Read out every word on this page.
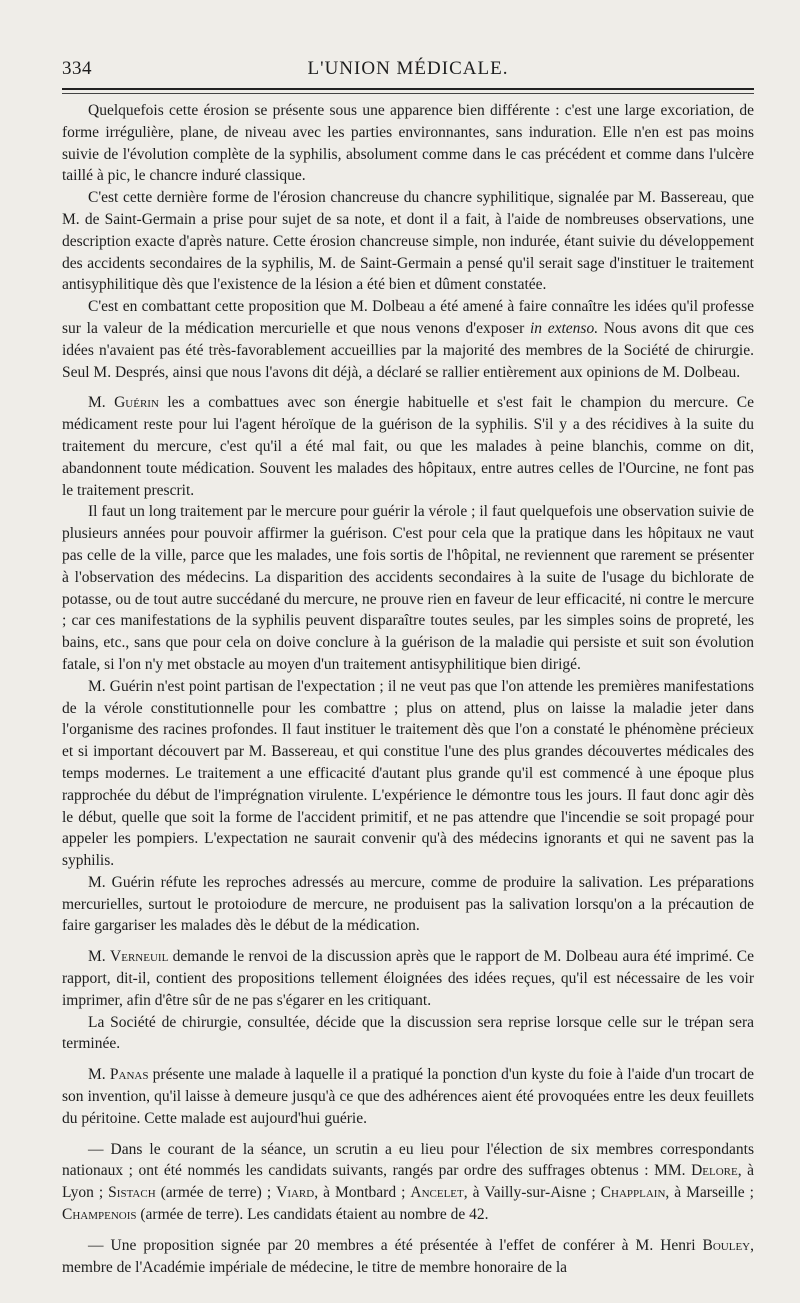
334	L'UNION MÉDICALE.

Quelquefois cette érosion se présente sous une apparence bien différente : c'est une large excoriation, de forme irrégulière, plane, de niveau avec les parties environnantes, sans induration. Elle n'en est pas moins suivie de l'évolution complète de la syphilis, absolument comme dans le cas précédent et comme dans l'ulcère taillé à pic, le chancre induré classique.

C'est cette dernière forme de l'érosion chancreuse du chancre syphilitique, signalée par M. Bassereau, que M. de Saint-Germain a prise pour sujet de sa note, et dont il a fait, à l'aide de nombreuses observations, une description exacte d'après nature. Cette érosion chancreuse simple, non indurée, étant suivie du développement des accidents secondaires de la syphilis, M. de Saint-Germain a pensé qu'il serait sage d'instituer le traitement antisyphilitique dès que l'existence de la lésion a été bien et dûment constatée.

C'est en combattant cette proposition que M. Dolbeau a été amené à faire connaître les idées qu'il professe sur la valeur de la médication mercurielle et que nous venons d'exposer in extenso. Nous avons dit que ces idées n'avaient pas été très-favorablement accueillies par la majorité des membres de la Société de chirurgie. Seul M. Després, ainsi que nous l'avons dit déjà, a déclaré se rallier entièrement aux opinions de M. Dolbeau.

M. Guérin les a combattues avec son énergie habituelle et s'est fait le champion du mercure. Ce médicament reste pour lui l'agent héroïque de la guérison de la syphilis. S'il y a des récidives à la suite du traitement du mercure, c'est qu'il a été mal fait, ou que les malades à peine blanchis, comme on dit, abandonnent toute médication. Souvent les malades des hôpitaux, entre autres celles de l'Ourcine, ne font pas le traitement prescrit.

Il faut un long traitement par le mercure pour guérir la vérole ; il faut quelquefois une observation suivie de plusieurs années pour pouvoir affirmer la guérison. C'est pour cela que la pratique dans les hôpitaux ne vaut pas celle de la ville, parce que les malades, une fois sortis de l'hôpital, ne reviennent que rarement se présenter à l'observation des médecins. La disparition des accidents secondaires à la suite de l'usage du bichlorate de potasse, ou de tout autre succédané du mercure, ne prouve rien en faveur de leur efficacité, ni contre le mercure ; car ces manifestations de la syphilis peuvent disparaître toutes seules, par les simples soins de propreté, les bains, etc., sans que pour cela on doive conclure à la guérison de la maladie qui persiste et suit son évolution fatale, si l'on n'y met obstacle au moyen d'un traitement antisyphilitique bien dirigé.

M. Guérin n'est point partisan de l'expectation ; il ne veut pas que l'on attende les premières manifestations de la vérole constitutionnelle pour les combattre ; plus on attend, plus on laisse la maladie jeter dans l'organisme des racines profondes. Il faut instituer le traitement dès que l'on a constaté le phénomène précieux et si important découvert par M. Bassereau, et qui constitue l'une des plus grandes découvertes médicales des temps modernes. Le traitement a une efficacité d'autant plus grande qu'il est commencé à une époque plus rapprochée du début de l'imprégnation virulente. L'expérience le démontre tous les jours. Il faut donc agir dès le début, quelle que soit la forme de l'accident primitif, et ne pas attendre que l'incendie se soit propagé pour appeler les pompiers. L'expectation ne saurait convenir qu'à des médecins ignorants et qui ne savent pas la syphilis.

M. Guérin réfute les reproches adressés au mercure, comme de produire la salivation. Les préparations mercurielles, surtout le protoiodure de mercure, ne produisent pas la salivation lorsqu'on a la précaution de faire gargariser les malades dès le début de la médication.

M. Verneuil demande le renvoi de la discussion après que le rapport de M. Dolbeau aura été imprimé. Ce rapport, dit-il, contient des propositions tellement éloignées des idées reçues, qu'il est nécessaire de les voir imprimer, afin d'être sûr de ne pas s'égarer en les critiquant.

La Société de chirurgie, consultée, décide que la discussion sera reprise lorsque celle sur le trépan sera terminée.

M. Panas présente une malade à laquelle il a pratiqué la ponction d'un kyste du foie à l'aide d'un trocart de son invention, qu'il laisse à demeure jusqu'à ce que des adhérences aient été provoquées entre les deux feuillets du péritoine. Cette malade est aujourd'hui guérie.

— Dans le courant de la séance, un scrutin a eu lieu pour l'élection de six membres correspondants nationaux ; ont été nommés les candidats suivants, rangés par ordre des suffrages obtenus : MM. Delore, à Lyon ; Sistach (armée de terre) ; Viard, à Montbard ; Ancelet, à Vailly-sur-Aisne ; Chapplain, à Marseille ; Champenois (armée de terre). Les candidats étaient au nombre de 42.

— Une proposition signée par 20 membres a été présentée à l'effet de conférer à M. Henri Bouley, membre de l'Académie impériale de médecine, le titre de membre honoraire de la
